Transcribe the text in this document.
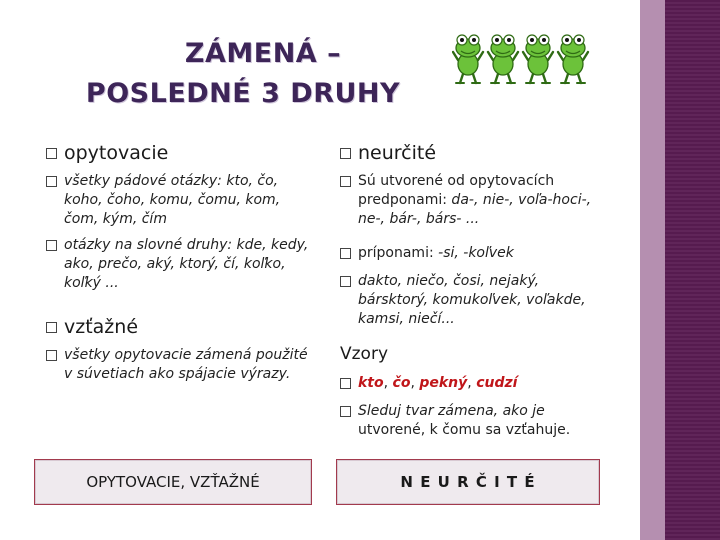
ZÁMENÁ –
POSLEDNÉ 3 DRUHY
opytovacie
všetky pádové otázky: kto, čo, koho, čoho, komu, čomu, kom, čom, kým, čím
otázky na slovné druhy: kde, kedy, ako, prečo, aký, ktorý, čí, koľko, koľký ...
vzťažné
všetky opytovacie zámená použité v súvetiach ako spájacie výrazy.
neurčité
Sú utvorené od opytovacích predponami: da-, nie-, voľa-hoci-, ne-, bár-, bárs- ...
príponami: -si, -koľvek
dakto, niečo, čosi, nejaký, bársktorý, komukoľvek, voľakde, kamsi, niečí...
Vzory
kto, čo, pekný, cudzí
Sleduj tvar zámena, ako je
utvorené, k čomu sa vzťahuje.
OPYTOVACIE, VZŤAŽNÉ	N E U R Č I T É
